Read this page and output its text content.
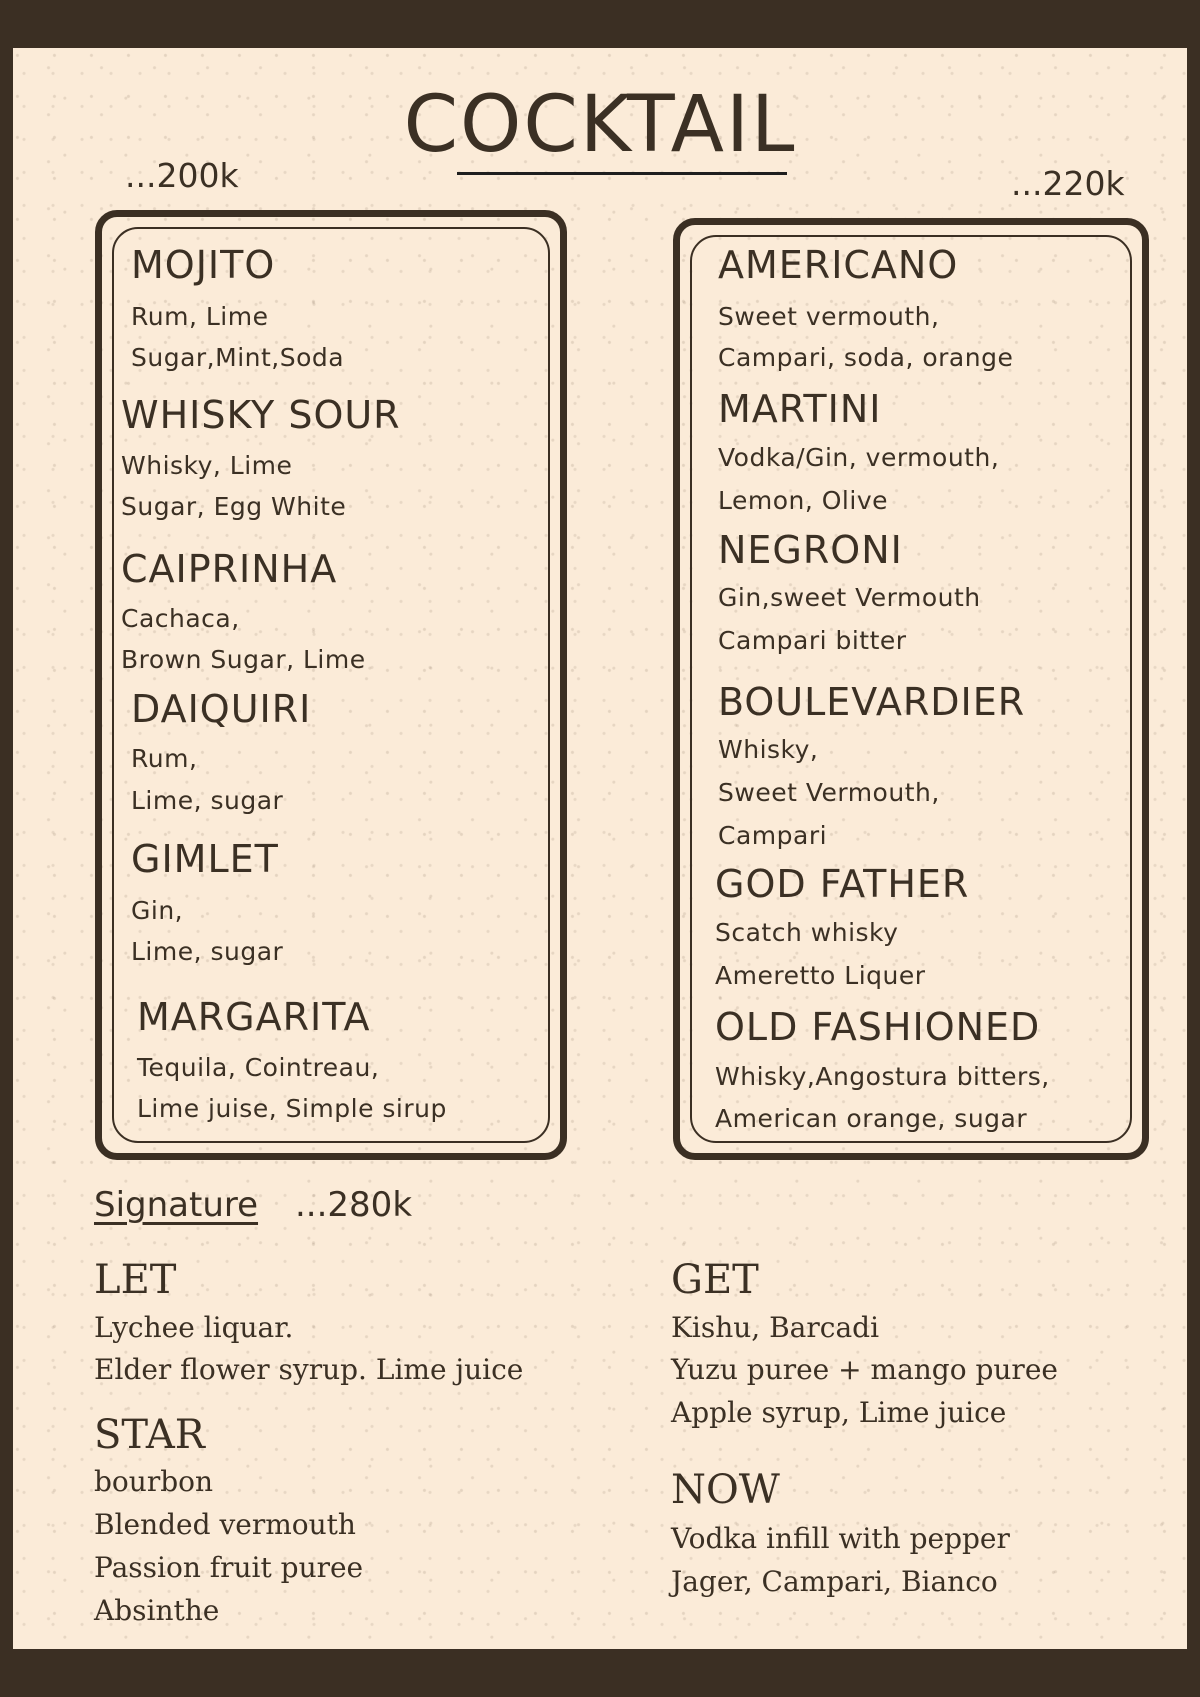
COCKTAIL
...200k	...220k
MOJITO
Rum, Lime
Sugar,Mint,Soda
WHISKY SOUR
Whisky, Lime
Sugar, Egg White
CAIPRINHA
Cachaca,
Brown Sugar, Lime
DAIQUIRI
Rum,
Lime, sugar
GIMLET
Gin,
Lime, sugar
MARGARITA
Tequila, Cointreau,
Lime juise, Simple sirup
AMERICANO
Sweet vermouth,
Campari, soda, orange
MARTINI
Vodka/Gin, vermouth,
Lemon, Olive
NEGRONI
Gin,sweet Vermouth
Campari bitter
BOULEVARDIER
Whisky,
Sweet Vermouth,
Campari
GOD FATHER
Scatch whisky
Ameretto Liquer
OLD FASHIONED
Whisky,Angostura bitters,
American orange, sugar
Signature ...280k
LET
Lychee liquar.
Elder flower syrup. Lime juice
STAR
bourbon
Blended vermouth
Passion fruit puree
Absinthe
GET
Kishu, Barcadi
Yuzu puree + mango puree
Apple syrup, Lime juice
NOW
Vodka infill with pepper
Jager, Campari, Bianco
